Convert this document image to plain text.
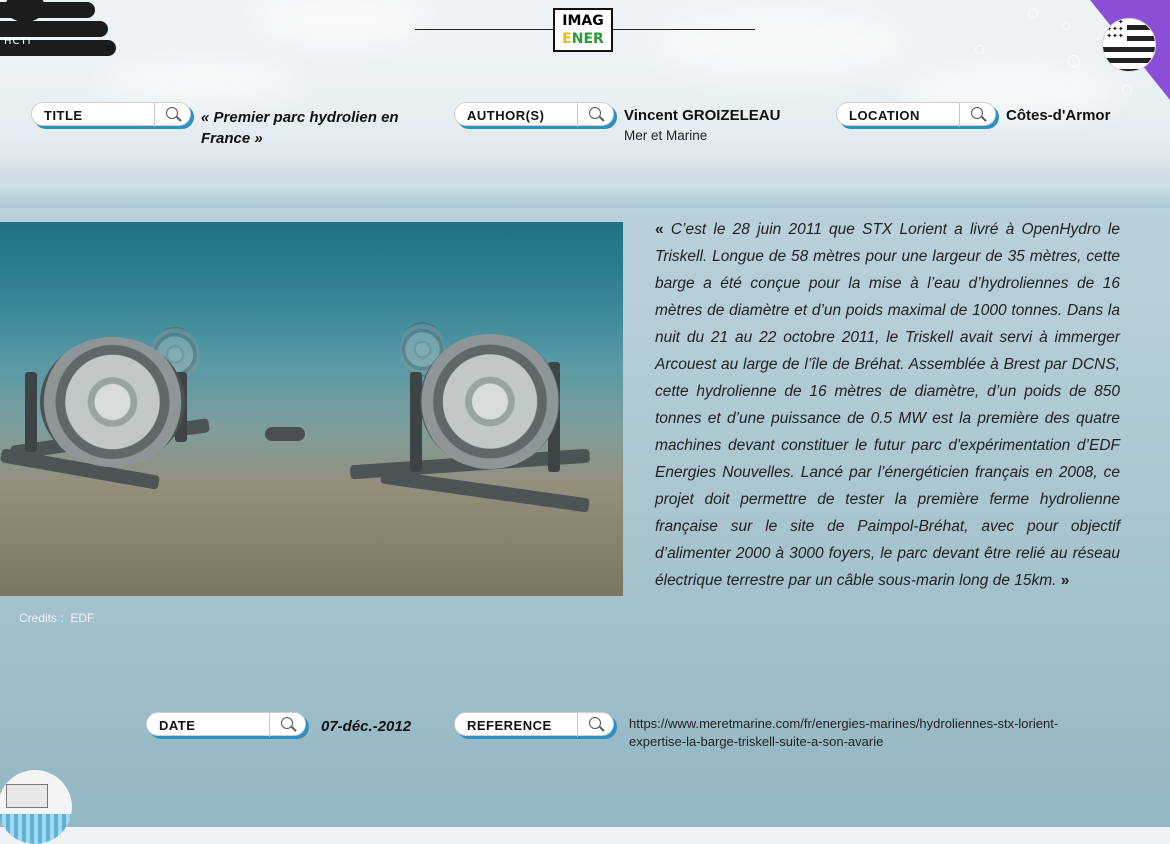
HCTI
IMAG
ENER
✦✦✦
✦✦✦
✦✦✦
TITLE	« Premier parc hydrolien en France »
AUTHOR(S)	Vincent GROIZELEAU
Mer et Marine
LOCATION	Côtes-d'Armor
Credits : EDF
« C’est le 28 juin 2011 que STX Lorient a livré à OpenHydro le Triskell. Longue de 58 mètres pour une largeur de 35 mètres, cette barge a été conçue pour la mise à l’eau d’hydroliennes de 16 mètres de diamètre et d’un poids maximal de 1000 tonnes. Dans la nuit du 21 au 22 octobre 2011, le Triskell avait servi à immerger Arcouest au large de l’île de Bréhat. Assemblée à Brest par DCNS, cette hydrolienne de 16 mètres de diamètre, d’un poids de 850 tonnes et d’une puissance de 0.5 MW est la première des quatre machines devant constituer le futur parc d'expérimentation d’EDF Energies Nouvelles. Lancé par l’énergéticien français en 2008, ce projet doit permettre de tester la première ferme hydrolienne française sur le site de Paimpol-Bréhat, avec pour objectif d’alimenter 2000 à 3000 foyers, le parc devant être relié au réseau électrique terrestre par un câble sous-marin long de 15km. »
DATE	07-déc.-2012	REFERENCE	https://www.meretmarine.com/fr/energies-marines/hydroliennes-stx-lorient-expertise-la-barge-triskell-suite-a-son-avarie
